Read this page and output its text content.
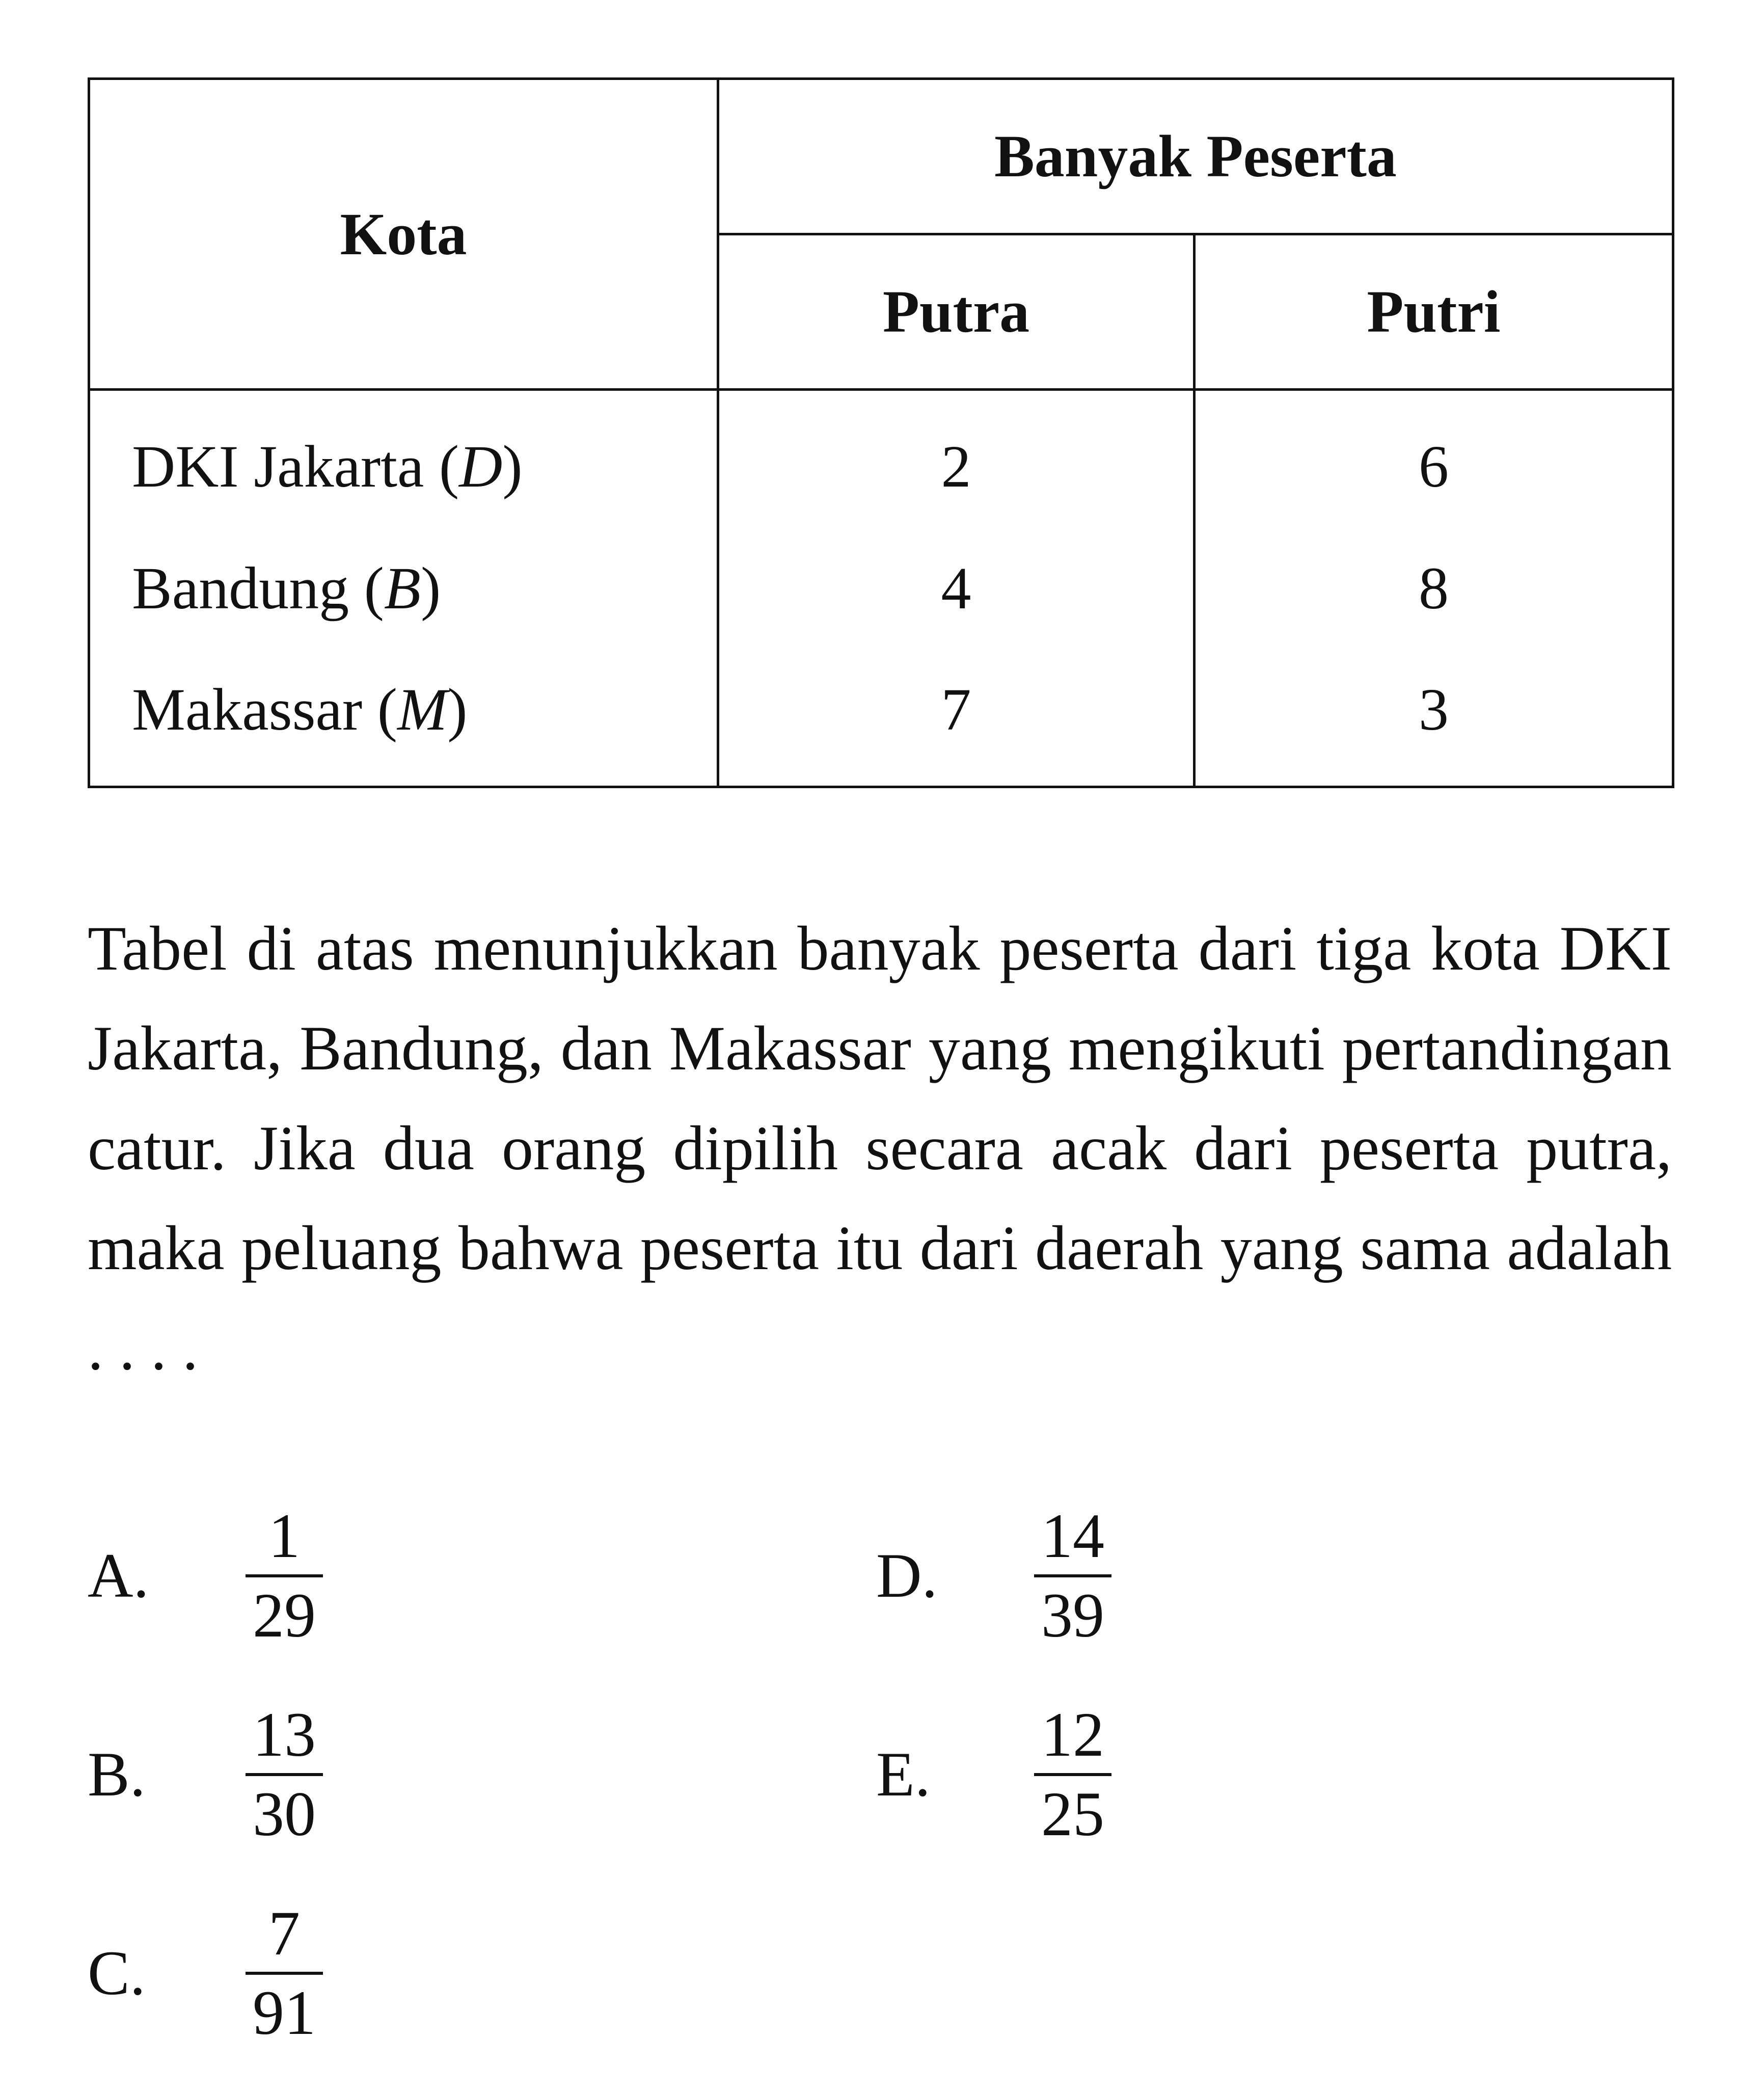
Kota	Banyak Peserta	
	Putra	Putri
DKI Jakarta (D)	2	6
Bandung (B)	4	8
Makassar (M)	7	3

Tabel di atas menunjukkan banyak peserta dari tiga kota DKI Jakarta, Bandung, dan Makassar yang mengikuti pertandingan catur. Jika dua orang dipilih secara acak dari peserta putra, maka peluang bahwa peserta itu dari daerah yang sama adalah . . . .

A.
1
29
B.
13
30
C.
7
91
D.
14
39
E.
12
25
